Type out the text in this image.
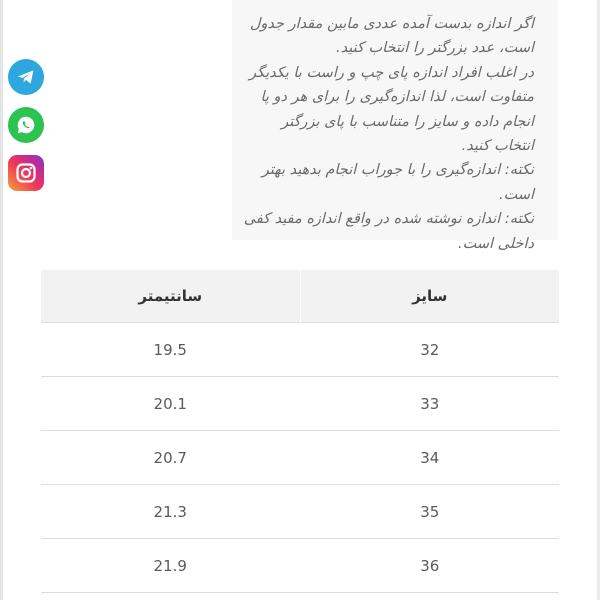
اگر اندازه بدست آمده عددی مابین مقدار جدول است، عدد بزرگتر را انتخاب کنید.

در اغلب افراد اندازه پای چپ و راست با یکدیگر متفاوت است، لذا اندازه‌گیری را برای هر دو پا انجام داده و سایز را متناسب با پای بزرگتر انتخاب کنید.

نکته: اندازه‌گیری را با جوراب انجام بدهید بهتر است.

نکته: اندازه نوشته شده در واقع اندازه مفید کفی داخلی است.

سایز	سانتیمتر
32	19.5
33	20.1
34	20.7
35	21.3
36	21.9
